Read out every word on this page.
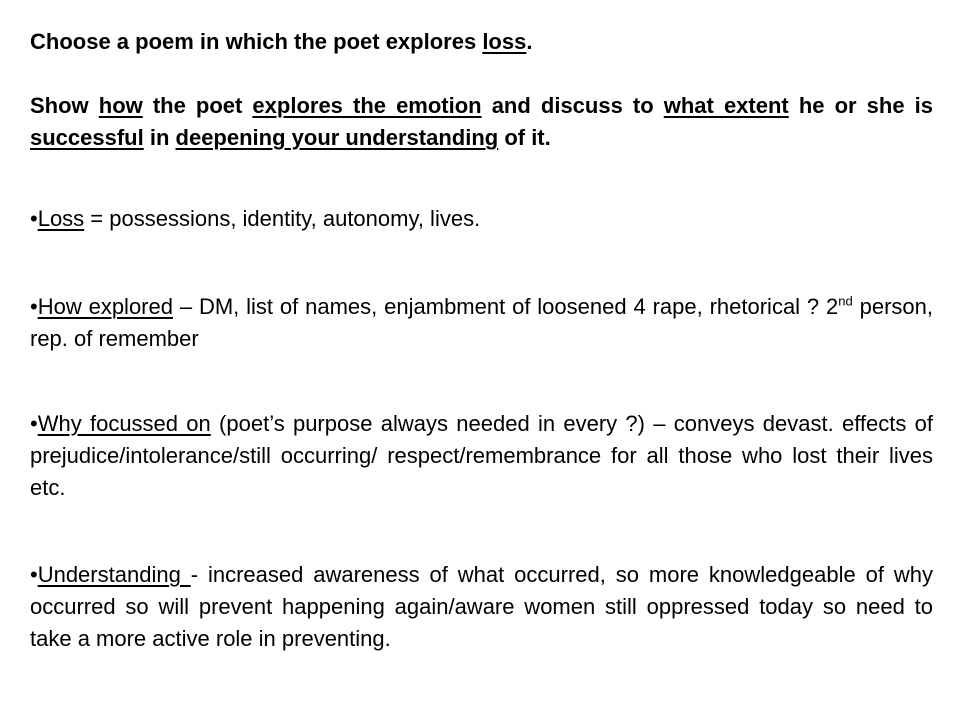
Choose a poem in which the poet explores loss.

Show how the poet explores the emotion and discuss to what extent he or she is successful in deepening your understanding of it.

•Loss = possessions, identity, autonomy, lives.

•How explored – DM, list of names, enjambment of loosened 4 rape, rhetorical ? 2nd person, rep. of remember

•Why focussed on (poet’s purpose always needed in every ?) – conveys devast. effects of prejudice/intolerance/still occurring/ respect/remembrance for all those who lost their lives etc.

•Understanding - increased awareness of what occurred, so more knowledgeable of why occurred so will prevent happening again/aware women still oppressed today so need to take a more active role in preventing.
